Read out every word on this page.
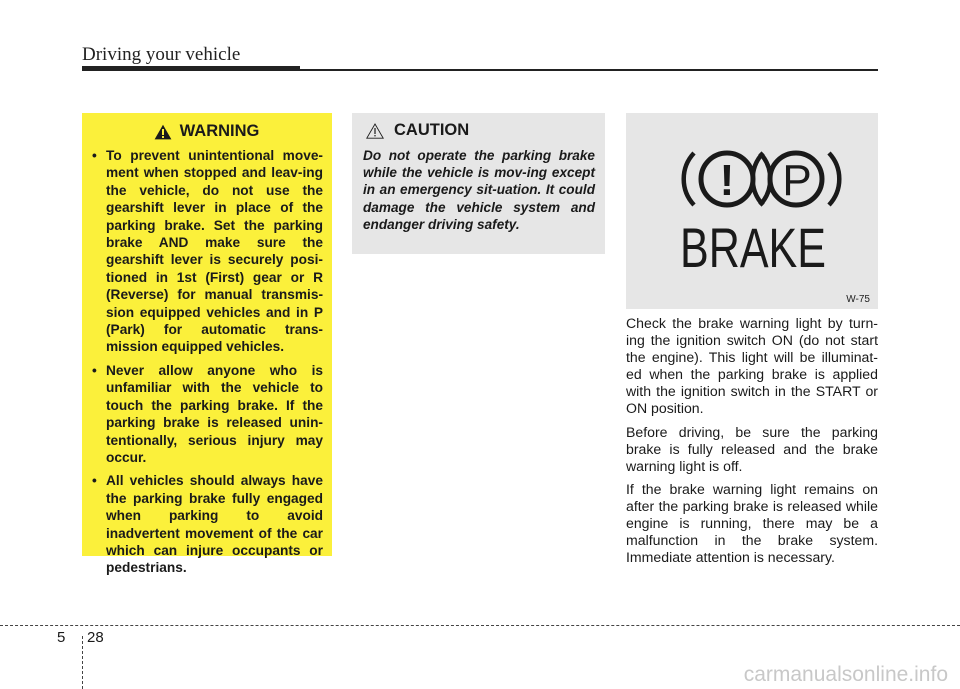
Driving your vehicle
WARNING
• To prevent unintentional move-ment when stopped and leav-ing the vehicle, do not use the gearshift lever in place of the parking brake. Set the parking brake AND make sure the gearshift lever is securely posi-tioned in 1st (First) gear or R (Reverse) for manual transmis-sion equipped vehicles and in P (Park) for automatic trans-mission equipped vehicles.
• Never allow anyone who is unfamiliar with the vehicle to touch the parking brake. If the parking brake is released unin-tentionally, serious injury may occur.
• All vehicles should always have the parking brake fully engaged when parking to avoid inadvertent movement of the car which can injure occupants or pedestrians.
CAUTION

Do not operate the parking brake while the vehicle is mov-ing except in an emergency sit-uation. It could damage the vehicle system and endanger driving safety.

! P
BRAKE
W-75

Check the brake warning light by turn-ing the ignition switch ON (do not start the engine). This light will be illuminat-ed when the parking brake is applied with the ignition switch in the START or ON position.

Before driving, be sure the parking brake is fully released and the brake warning light is off.

If the brake warning light remains on after the parking brake is released while engine is running, there may be a malfunction in the brake system. Immediate attention is necessary.

5 28
carmanualsonline.info
